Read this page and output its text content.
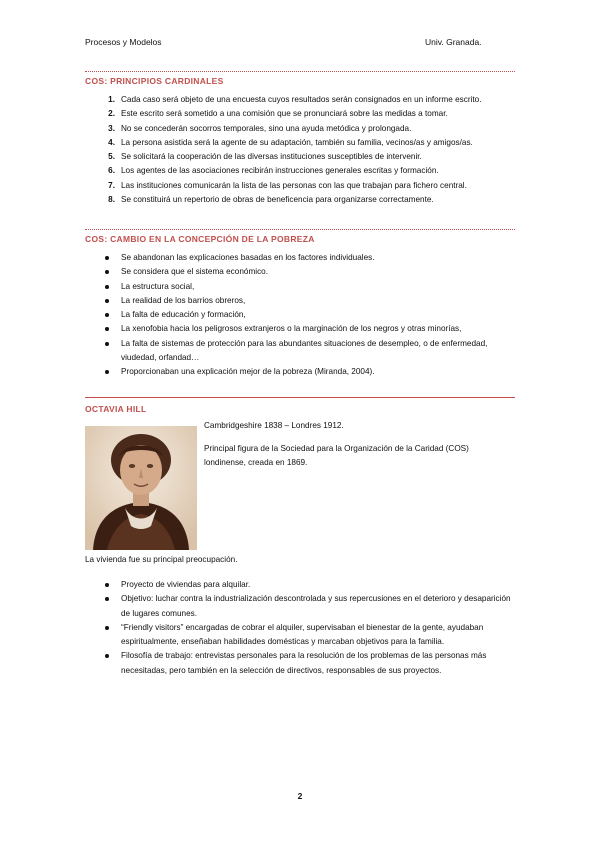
Procesos y Modelos	Univ. Granada.
COS: PRINCIPIOS CARDINALES
1. Cada caso será objeto de una encuesta cuyos resultados serán consignados en un informe escrito.
2. Este escrito será sometido a una comisión que se pronunciará sobre las medidas a tomar.
3. No se concederán socorros temporales, sino una ayuda metódica y prolongada.
4. La persona asistida será la agente de su adaptación, también su familia, vecinos/as y amigos/as.
5. Se solicitará la cooperación de las diversas instituciones susceptibles de intervenir.
6. Los agentes de las asociaciones recibirán instrucciones generales escritas y formación.
7. Las instituciones comunicarán la lista de las personas con las que trabajan para fichero central.
8. Se constituirá un repertorio de obras de beneficencia para organizarse correctamente.
COS: CAMBIO EN LA CONCEPCIÓN DE LA POBREZA
Se abandonan las explicaciones basadas en los factores individuales.
Se considera que el sistema económico.
La estructura social,
La realidad de los barrios obreros,
La falta de educación y formación,
La xenofobia hacia los peligrosos extranjeros o la marginación de los negros y otras minorías,
La falta de sistemas de protección para las abundantes situaciones de desempleo, o de enfermedad, viudedad, orfandad…
Proporcionaban una explicación mejor de la pobreza (Miranda, 2004).
OCTAVIA HILL
Cambridgeshire 1838 – Londres 1912.
Principal figura de la Sociedad para la Organización de la Caridad (COS) londinense, creada en 1869.
La vivienda fue su principal preocupación.
Proyecto de viviendas para alquilar.
Objetivo: luchar contra la industrialización descontrolada y sus repercusiones en el deterioro y desaparición de lugares comunes.
“Friendly visitors” encargadas de cobrar el alquiler, supervisaban el bienestar de la gente, ayudaban espiritualmente, enseñaban habilidades domésticas y marcaban objetivos para la familia.
Filosofía de trabajo: entrevistas personales para la resolución de los problemas de las personas más necesitadas, pero también en la selección de directivos, responsables de sus proyectos.
2
